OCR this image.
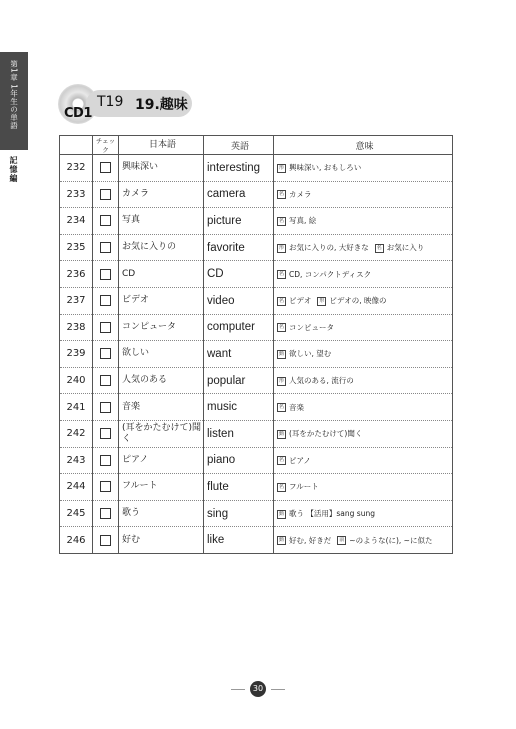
第1章 1年生の単語
記憶編
CD1
T19 19.趣味
	チェック	日本語	英語	意味
232		興味深い	interesting	形 興味深い, おもしろい
233		カメラ	camera	名 カメラ
234		写真	picture	名 写真, 絵
235		お気に入りの	favorite	形 お気に入りの, 大好きな 名 お気に入り
236		CD	CD	名 CD, コンパクトディスク
237		ビデオ	video	名 ビデオ 形 ビデオの, 映像の
238		コンピュータ	computer	名 コンピュータ
239		欲しい	want	動 欲しい, 望む
240		人気のある	popular	形 人気のある, 流行の
241		音楽	music	名 音楽
242		(耳をかたむけて)聞く	listen	動 (耳をかたむけて)聞く
243		ピアノ	piano	名 ピアノ
244		フルート	flute	名 フルート
245		歌う	sing	動 歌う 【活用】sang sung
246		好む	like	動 好む, 好きだ 前 ~のような(に), ~に似た
30
